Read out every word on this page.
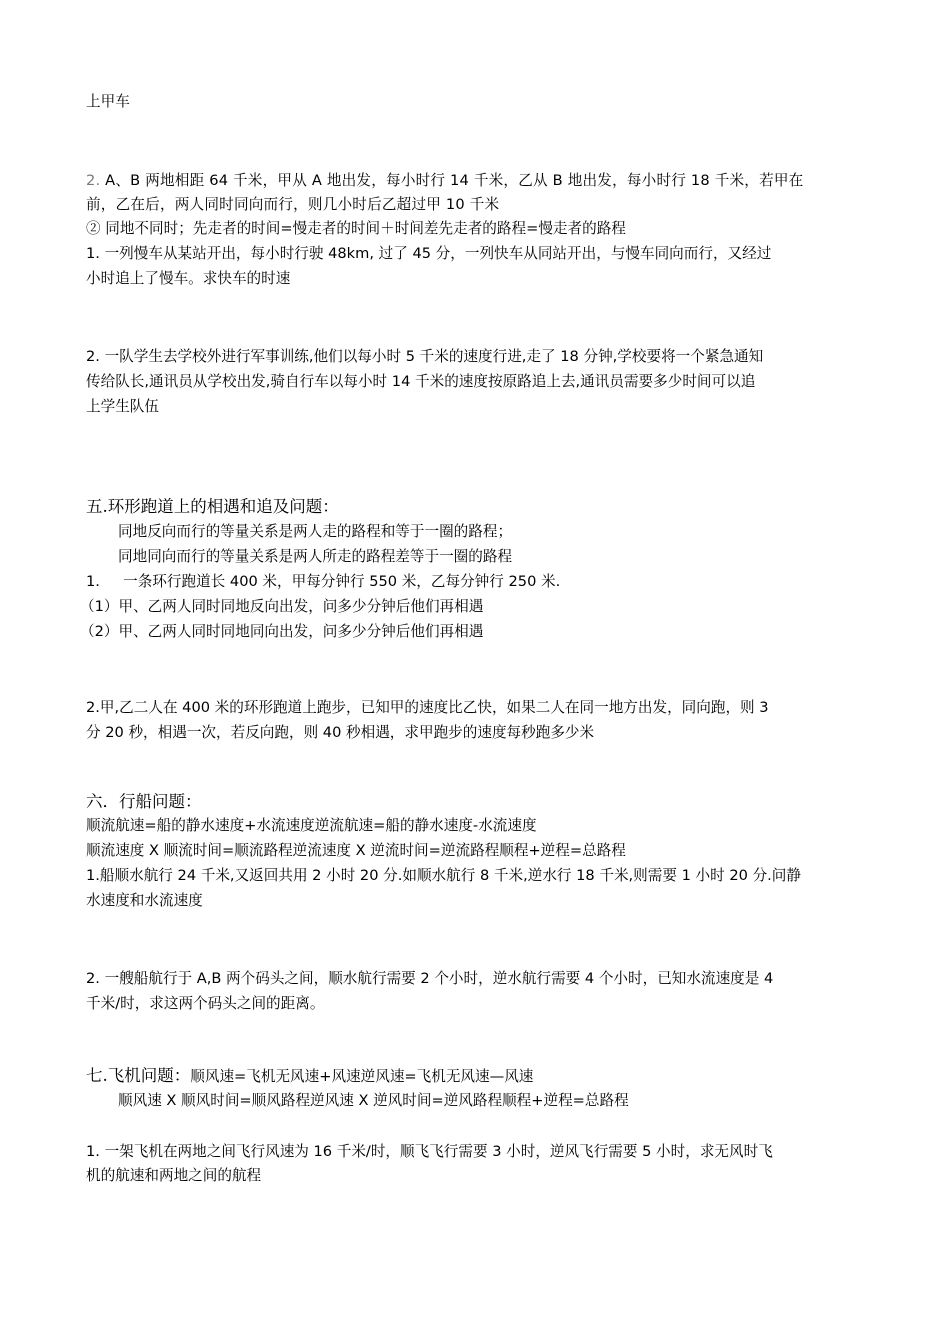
上甲车
2. A、B 两地相距 64 千米，甲从 A 地出发，每小时行 14 千米，乙从 B 地出发，每小时行 18 千米，若甲在
前，乙在后，两人同时同向而行，则几小时后乙超过甲 10 千米
② 同地不同时；先走者的时间=慢走者的时间＋时间差先走者的路程=慢走者的路程
1. 一列慢车从某站开出，每小时行驶 48km, 过了 45 分，一列快车从同站开出，与慢车同向而行，又经过
小时追上了慢车。求快车的时速
2. 一队学生去学校外进行军事训练,他们以每小时 5 千米的速度行进,走了 18 分钟,学校要将一个紧急通知
传给队长,通讯员从学校出发,骑自行车以每小时 14 千米的速度按原路追上去,通讯员需要多少时间可以追
上学生队伍
五.环形跑道上的相遇和追及问题：
同地反向而行的等量关系是两人走的路程和等于一圈的路程；
同地同向而行的等量关系是两人所走的路程差等于一圈的路程
1.     一条环行跑道长 400 米，甲每分钟行 550 米，乙每分钟行 250 米.
（1）甲、乙两人同时同地反向出发，问多少分钟后他们再相遇
（2）甲、乙两人同时同地同向出发，问多少分钟后他们再相遇
2.甲,乙二人在 400 米的环形跑道上跑步，已知甲的速度比乙快，如果二人在同一地方出发，同向跑，则 3
分 20 秒，相遇一次，若反向跑，则 40 秒相遇，求甲跑步的速度每秒跑多少米
六．行船问题：
顺流航速=船的静水速度+水流速度逆流航速=船的静水速度-水流速度
顺流速度 X 顺流时间=顺流路程逆流速度 X 逆流时间=逆流路程顺程+逆程=总路程
1.船顺水航行 24 千米,又返回共用 2 小时 20 分.如顺水航行 8 千米,逆水行 18 千米,则需要 1 小时 20 分.问静
水速度和水流速度
2. 一艘船航行于 A,B 两个码头之间，顺水航行需要 2 个小时，逆水航行需要 4 个小时，已知水流速度是 4
千米/时，求这两个码头之间的距离。
七.飞机问题：顺风速=飞机无风速+风速逆风速=飞机无风速—风速
顺风速 X 顺风时间=顺风路程逆风速 X 逆风时间=逆风路程顺程+逆程=总路程
1. 一架飞机在两地之间飞行风速为 16 千米/时，顺飞飞行需要 3 小时，逆风飞行需要 5 小时，求无风时飞
机的航速和两地之间的航程
